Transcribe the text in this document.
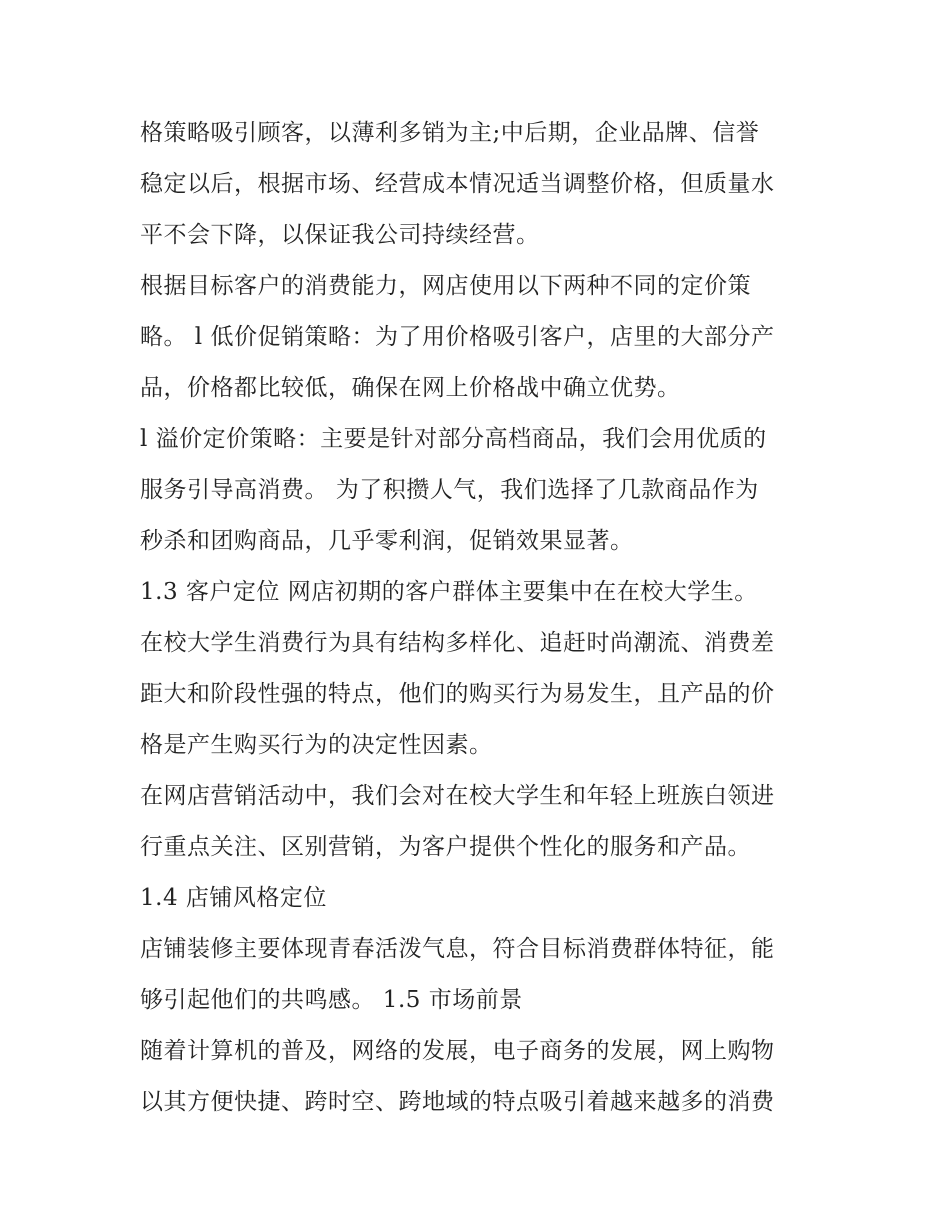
格策略吸引顾客，以薄利多销为主;中后期，企业品牌、信誉
稳定以后，根据市场、经营成本情况适当调整价格，但质量水
平不会下降，以保证我公司持续经营。
根据目标客户的消费能力，网店使用以下两种不同的定价策
略。 l 低价促销策略：为了用价格吸引客户，店里的大部分产
品，价格都比较低，确保在网上价格战中确立优势。
l 溢价定价策略：主要是针对部分高档商品，我们会用优质的
服务引导高消费。 为了积攒人气，我们选择了几款商品作为
秒杀和团购商品，几乎零利润，促销效果显著。
1.3 客户定位 网店初期的客户群体主要集中在在校大学生。
在校大学生消费行为具有结构多样化、追赶时尚潮流、消费差
距大和阶段性强的特点，他们的购买行为易发生，且产品的价
格是产生购买行为的决定性因素。
在网店营销活动中，我们会对在校大学生和年轻上班族白领进
行重点关注、区别营销，为客户提供个性化的服务和产品。
1.4 店铺风格定位
店铺装修主要体现青春活泼气息，符合目标消费群体特征，能
够引起他们的共鸣感。 1.5 市场前景
随着计算机的普及，网络的发展，电子商务的发展，网上购物
以其方便快捷、跨时空、跨地域的特点吸引着越来越多的消费
